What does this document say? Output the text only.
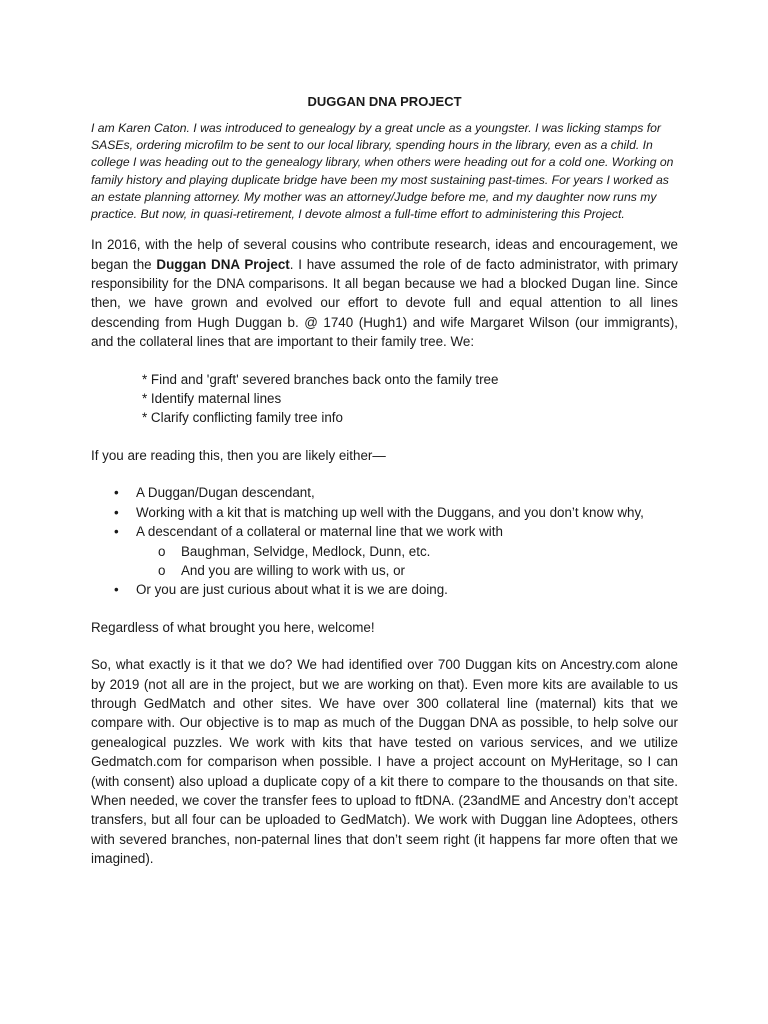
DUGGAN DNA PROJECT

I am Karen Caton. I was introduced to genealogy by a great uncle as a youngster. I was licking stamps for SASEs, ordering microfilm to be sent to our local library, spending hours in the library, even as a child. In college I was heading out to the genealogy library, when others were heading out for a cold one. Working on family history and playing duplicate bridge have been my most sustaining past-times. For years I worked as an estate planning attorney. My mother was an attorney/Judge before me, and my daughter now runs my practice. But now, in quasi-retirement, I devote almost a full-time effort to administering this Project.

In 2016, with the help of several cousins who contribute research, ideas and encouragement, we began the Duggan DNA Project. I have assumed the role of de facto administrator, with primary responsibility for the DNA comparisons. It all began because we had a blocked Dugan line. Since then, we have grown and evolved our effort to devote full and equal attention to all lines descending from Hugh Duggan b. @ 1740 (Hugh1) and wife Margaret Wilson (our immigrants), and the collateral lines that are important to their family tree. We:

* Find and 'graft' severed branches back onto the family tree
* Identify maternal lines
* Clarify conflicting family tree info

If you are reading this, then you are likely either—

•	A Duggan/Dugan descendant,
•	Working with a kit that is matching up well with the Duggans, and you don’t know why,
•	A descendant of a collateral or maternal line that we work with
o Baughman, Selvidge, Medlock, Dunn, etc.
o And you are willing to work with us, or
•	Or you are just curious about what it is we are doing.

Regardless of what brought you here, welcome!

So, what exactly is it that we do? We had identified over 700 Duggan kits on Ancestry.com alone by 2019 (not all are in the project, but we are working on that). Even more kits are available to us through GedMatch and other sites. We have over 300 collateral line (maternal) kits that we compare with. Our objective is to map as much of the Duggan DNA as possible, to help solve our genealogical puzzles. We work with kits that have tested on various services, and we utilize Gedmatch.com for comparison when possible. I have a project account on MyHeritage, so I can (with consent) also upload a duplicate copy of a kit there to compare to the thousands on that site. When needed, we cover the transfer fees to upload to ftDNA. (23andME and Ancestry don’t accept transfers, but all four can be uploaded to GedMatch). We work with Duggan line Adoptees, others with severed branches, non-paternal lines that don’t seem right (it happens far more often that we imagined).
